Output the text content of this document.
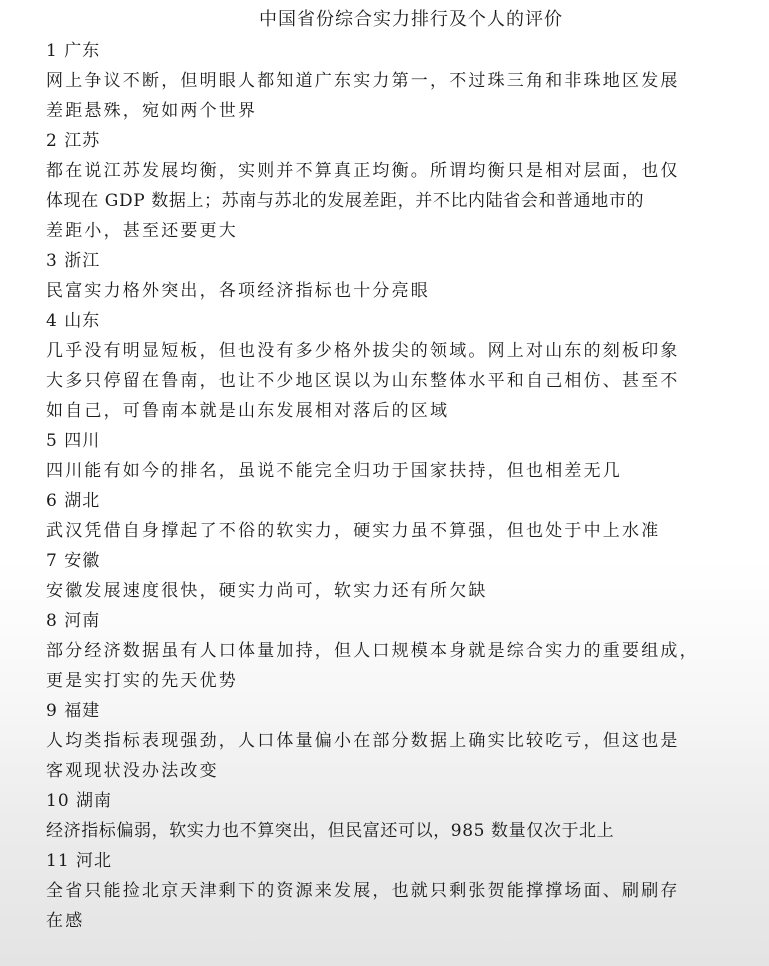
中国省份综合实力排行及个人的评价
1 广东
网上争议不断，但明眼人都知道广东实力第一，不过珠三角和非珠地区发展
差距悬殊，宛如两个世界
2 江苏
都在说江苏发展均衡，实则并不算真正均衡。所谓均衡只是相对层面，也仅
体现在 GDP 数据上；苏南与苏北的发展差距，并不比内陆省会和普通地市的
差距小，甚至还要更大
3 浙江
民富实力格外突出，各项经济指标也十分亮眼
4 山东
几乎没有明显短板，但也没有多少格外拔尖的领域。网上对山东的刻板印象
大多只停留在鲁南，也让不少地区误以为山东整体水平和自己相仿、甚至不
如自己，可鲁南本就是山东发展相对落后的区域
5 四川
四川能有如今的排名，虽说不能完全归功于国家扶持，但也相差无几
6 湖北
武汉凭借自身撑起了不俗的软实力，硬实力虽不算强，但也处于中上水准
7 安徽
安徽发展速度很快，硬实力尚可，软实力还有所欠缺
8 河南
部分经济数据虽有人口体量加持，但人口规模本身就是综合实力的重要组成，
更是实打实的先天优势
9 福建
人均类指标表现强劲，人口体量偏小在部分数据上确实比较吃亏，但这也是
客观现状没办法改变
10 湖南
经济指标偏弱，软实力也不算突出，但民富还可以，985 数量仅次于北上
11 河北
全省只能捡北京天津剩下的资源来发展，也就只剩张贺能撑撑场面、刷刷存
在感
